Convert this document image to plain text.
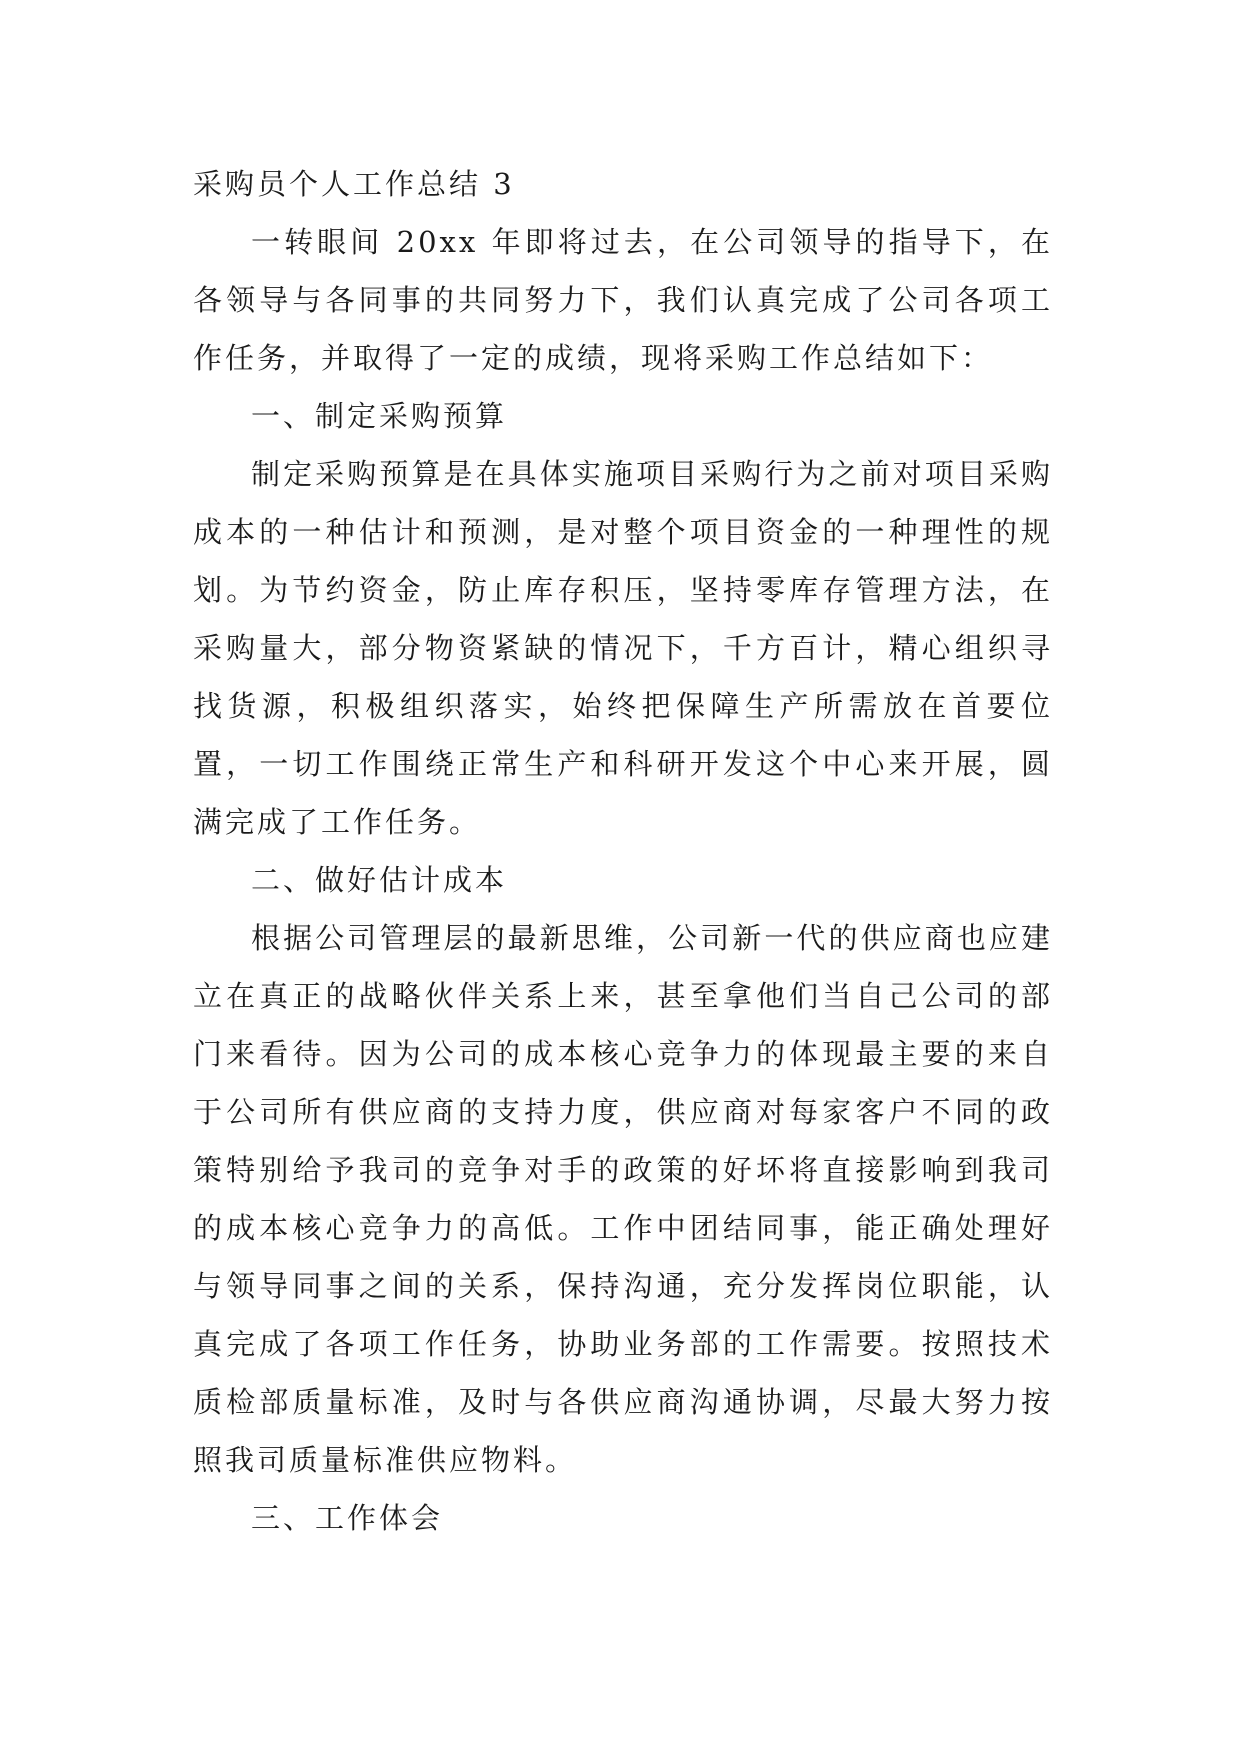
采购员个人工作总结 3

一转眼间 20xx 年即将过去，在公司领导的指导下，在各领导与各同事的共同努力下，我们认真完成了公司各项工作任务，并取得了一定的成绩，现将采购工作总结如下：

一、制定采购预算

制定采购预算是在具体实施项目采购行为之前对项目采购成本的一种估计和预测，是对整个项目资金的一种理性的规划。为节约资金，防止库存积压，坚持零库存管理方法，在采购量大，部分物资紧缺的情况下，千方百计，精心组织寻找货源，积极组织落实，始终把保障生产所需放在首要位置，一切工作围绕正常生产和科研开发这个中心来开展，圆满完成了工作任务。

二、做好估计成本

根据公司管理层的最新思维，公司新一代的供应商也应建立在真正的战略伙伴关系上来，甚至拿他们当自己公司的部门来看待。因为公司的成本核心竞争力的体现最主要的来自于公司所有供应商的支持力度，供应商对每家客户不同的政策特别给予我司的竞争对手的政策的好坏将直接影响到我司的成本核心竞争力的高低。工作中团结同事，能正确处理好与领导同事之间的关系，保持沟通，充分发挥岗位职能，认真完成了各项工作任务，协助业务部的工作需要。按照技术质检部质量标准，及时与各供应商沟通协调，尽最大努力按照我司质量标准供应物料。

三、工作体会
